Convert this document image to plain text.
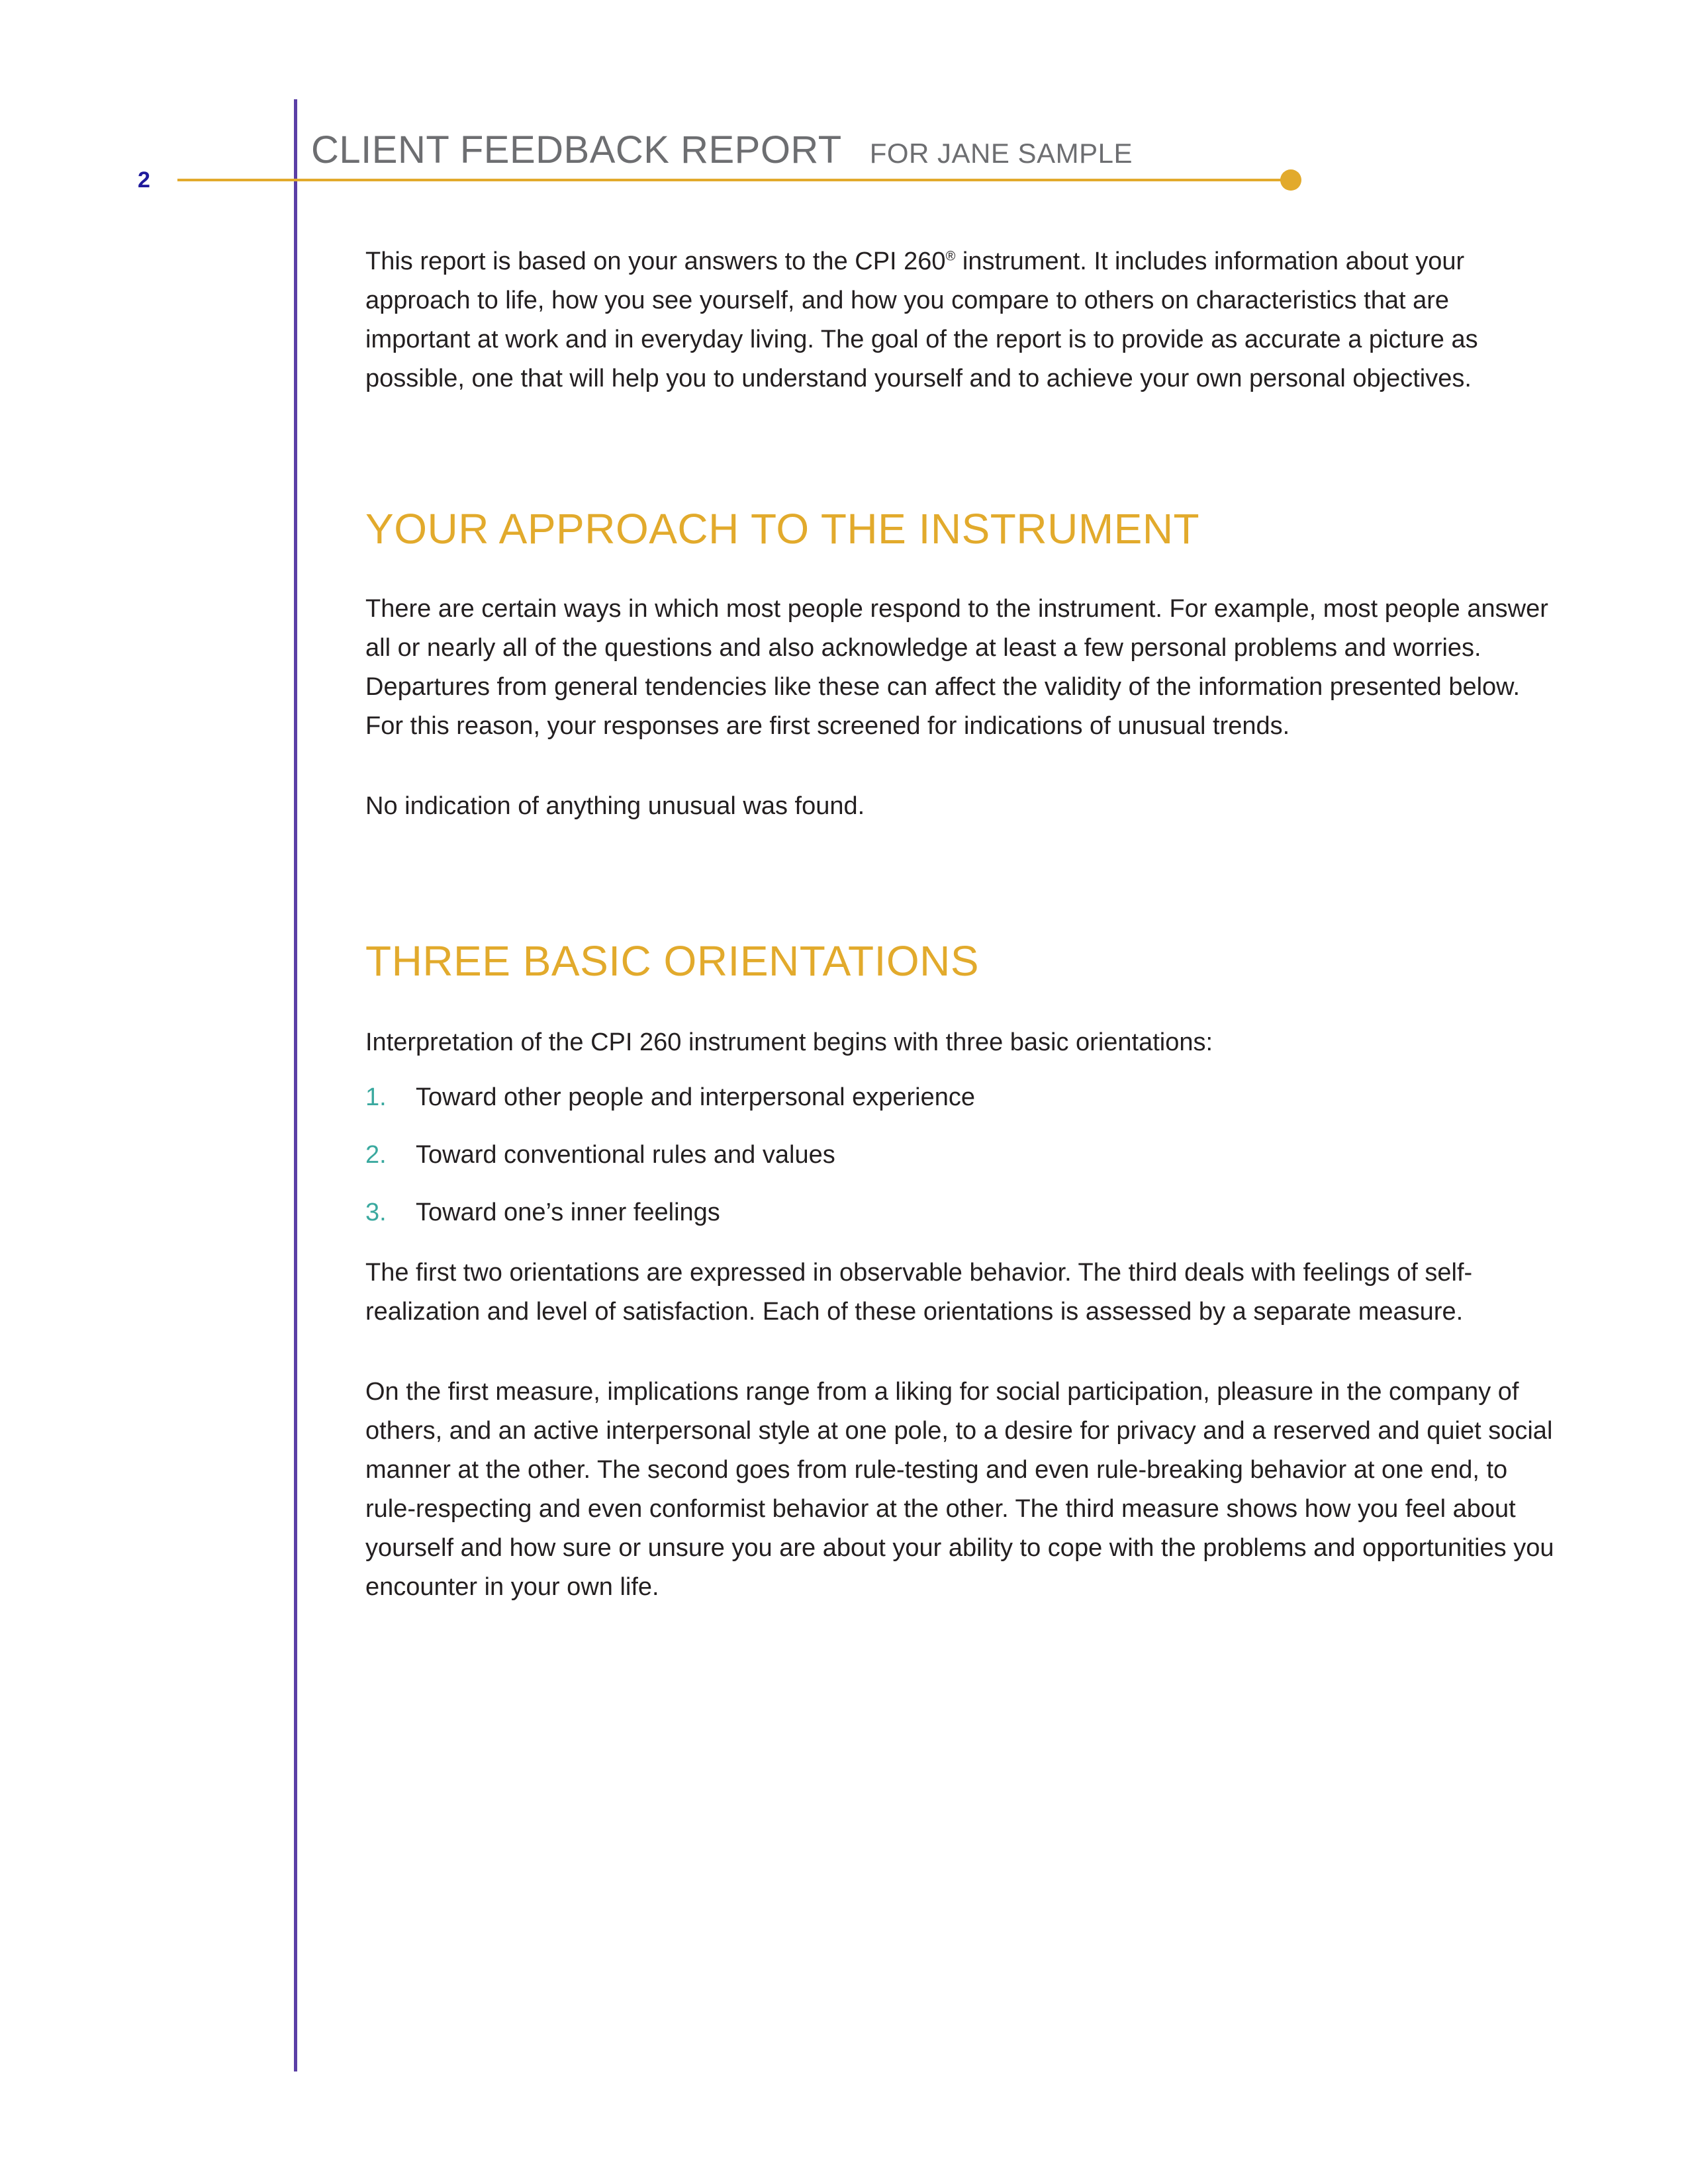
2
CLIENT FEEDBACK REPORT FOR JANE SAMPLE

This report is based on your answers to the CPI 260® instrument. It includes information about your approach to life, how you see yourself, and how you compare to others on characteristics that are important at work and in everyday living. The goal of the report is to provide as accurate a picture as possible, one that will help you to understand yourself and to achieve your own personal objectives.

YOUR APPROACH TO THE INSTRUMENT

There are certain ways in which most people respond to the instrument. For example, most people answer all or nearly all of the questions and also acknowledge at least a few personal problems and worries. Departures from general tendencies like these can affect the validity of the information presented below. For this reason, your responses are first screened for indications of unusual trends.

No indication of anything unusual was found.

THREE BASIC ORIENTATIONS

Interpretation of the CPI 260 instrument begins with three basic orientations:

1.	Toward other people and interpersonal experience
2.	Toward conventional rules and values
3.	Toward one’s inner feelings

The first two orientations are expressed in observable behavior. The third deals with feelings of self-realization and level of satisfaction. Each of these orientations is assessed by a separate measure.

On the first measure, implications range from a liking for social participation, pleasure in the company of others, and an active interpersonal style at one pole, to a desire for privacy and a reserved and quiet social manner at the other. The second goes from rule-testing and even rule-breaking behavior at one end, to rule-respecting and even conformist behavior at the other. The third measure shows how you feel about yourself and how sure or unsure you are about your ability to cope with the problems and opportunities you encounter in your own life.
